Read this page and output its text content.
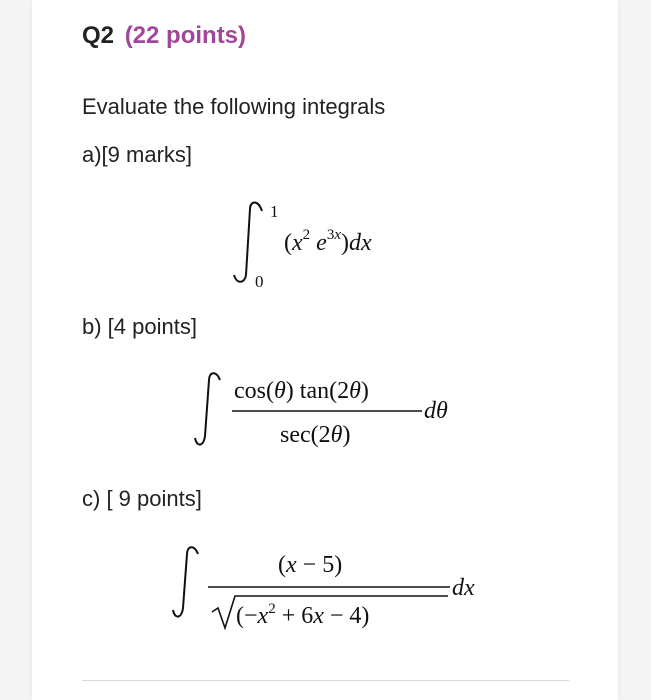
Q2 (22 points)
Evaluate the following integrals
a)[9 marks]
1
0
($x^2$ $e^3x)dx$
b) [4 points]
cos(θ) tan(2θ)
sec(2θ)
dθ
c) [ 9 points]
(x − 5)
$(-x^2 + 6x - 4)$
dx
